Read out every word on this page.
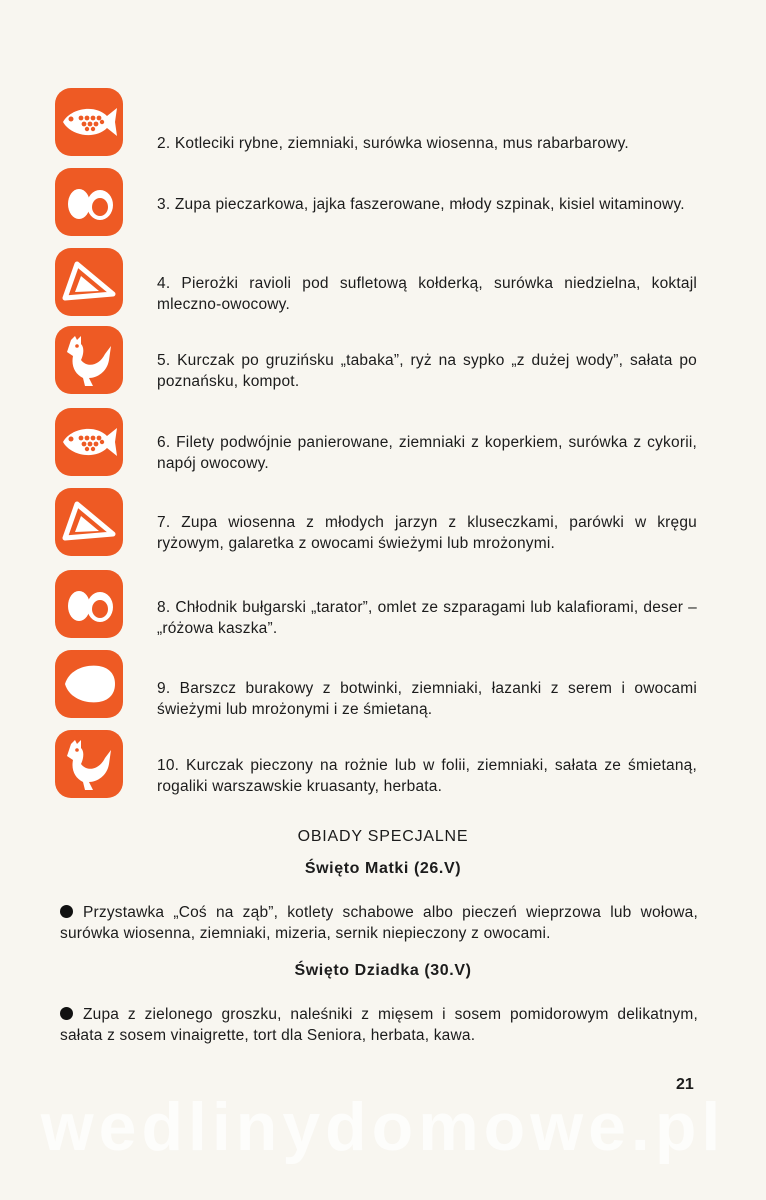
2. Kotleciki rybne, ziemniaki, surówka wiosenna, mus rabarbarowy.
3. Zupa pieczarkowa, jajka faszerowane, młody szpinak, kisiel witaminowy.
4. Pierożki ravioli pod sufletową kołderką, surówka niedzielna, koktajl mleczno-owocowy.
5. Kurczak po gruzińsku „tabaka”, ryż na sypko „z dużej wody”, sałata po poznańsku, kompot.
6. Filety podwójnie panierowane, ziemniaki z koperkiem, surówka z cykorii, napój owocowy.
7. Zupa wiosenna z młodych jarzyn z kluseczkami, parówki w kręgu ryżowym, galaretka z owocami świeżymi lub mrożonymi.
8. Chłodnik bułgarski „tarator”, omlet ze szparagami lub kalafiorami, deser – „różowa kaszka”.
9. Barszcz burakowy z botwinki, ziemniaki, łazanki z serem i owocami świeżymi lub mrożonymi i ze śmietaną.
10. Kurczak pieczony na rożnie lub w folii, ziemniaki, sałata ze śmietaną, rogaliki warszawskie kruasanty, herbata.
OBIADY SPECJALNE
Święto Matki (26.V)
Przystawka „Coś na ząb”, kotlety schabowe albo pieczeń wieprzowa lub wołowa, surówka wiosenna, ziemniaki, mizeria, sernik niepieczony z owocami.
Święto Dziadka (30.V)
Zupa z zielonego groszku, naleśniki z mięsem i sosem pomidorowym delikatnym, sałata z sosem vinaigrette, tort dla Seniora, herbata, kawa.
21
wedlinydomowe.pl
